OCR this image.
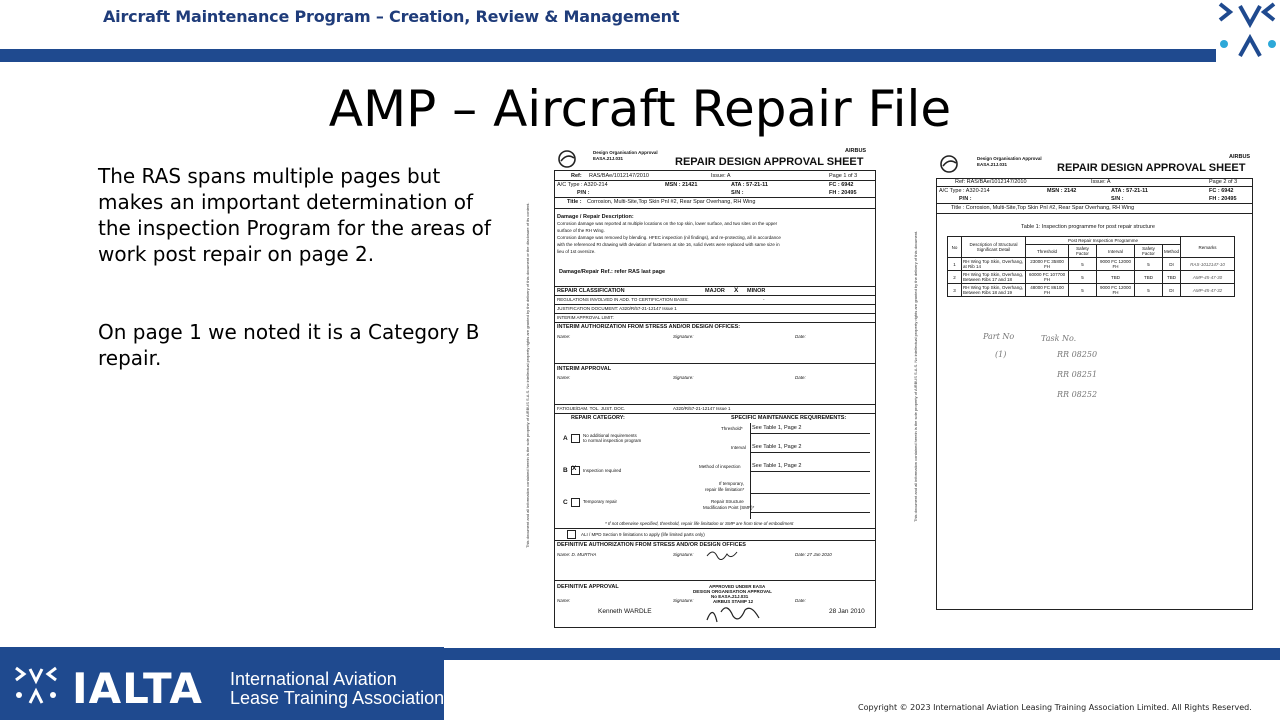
Aircraft Maintenance Program – Creation, Review & Management
AMP – Aircraft Repair File
The RAS spans multiple pages but makes an important determination of the inspection Program for the areas of work post repair on page 2.
On page 1 we noted it is a Category B repair.	This document and all information contained herein is the sole property of AIRBUS S.A.S. No intellectual property rights are granted by the delivery of this document or the disclosure of its content.
Design Organisation Approval
EASA.21J.031
AIRBUS
REPAIR DESIGN APPROVAL SHEET
Ref: RAS/BAe/1012147/2010	Issue: A	Page 1 of 3
A/C Type : A320-214	MSN : 21421	ATA : 57-21-11	FC : 6942
P/N :	S/N :	FH : 20495
Title : Corrosion, Multi-Site,Top Skin Pnl #2, Rear Spar Overhang, RH Wing
Damage / Repair Description:
Corrosion damage was reported at multiple locations on the top skin, lower surface, and two sites on the upper
surface of the RH Wing.
Corrosion damage was removed by blending. HFEC inspection (nil findings), and re-protecting, all in accordance
with the referenced RI drawing with deviation of fasteners at site 16, solid rivets were replaced with same size in
lieu of 1st oversize.
Damage/Repair Ref.: refer RAS last page
REPAIR CLASSIFICATION	MAJOR X MINOR
REGULATIONS INVOLVED IN ADD. TO CERTIFICATION BASIS:	-
JUSTIFICATION DOCUMENT: A320/R/57-21-12147 Issue 1
INTERIM APPROVAL LIMIT:
INTERIM AUTHORIZATION FROM STRESS AND/OR DESIGN OFFICES:
Name:	Signature:	Date:
INTERIM APPROVAL
Name:	Signature:	Date:
FATIGUE/DAM. TOL. JUST. DOC.	A320/R/57-21-12147 Issue 1
REPAIR CATEGORY:	SPECIFIC MAINTENANCE REQUIREMENTS:
A	No additional requirements
to normal inspection program
B X Inspection required
C	Temporary repair
Threshold* See Table 1, Page 2
Interval See Table 1, Page 2
Method of inspection See Table 1, Page 2
If temporary,
repair life limitation*
Repair Structure
Modification Point (SMP)*
* If not otherwise specified, threshold, repair life limitation or SMP are from time of embodiment
ALI / MPD Section 9 limitations to apply (life limited parts only)
DEFINITIVE AUTHORIZATION FROM STRESS AND/OR DESIGN OFFICES
Name: D. MURTHA	Signature:	Date: 27 Jan 2010
DEFINITIVE APPROVAL	APPROVED UNDER EASA
DESIGN ORGANISATION APPROVAL
No EASA.21J.031
AIRBUS STAMP 12
Name:	Signature:	Date:
Kenneth WARDLE	28 Jan 2010
This document and all information contained herein is the sole property of AIRBUS S.A.S. No intellectual property rights are granted by the delivery of this document.
Design Organisation Approval
EASA.21J.031
AIRBUS
REPAIR DESIGN APPROVAL SHEET
Ref: RAS/BAe/1012147/2010	Issue: A	Page 2 of 3
A/C Type : A320-214	MSN : 2142	ATA : 57-21-11	FC : 6942
P/N :	S/N :	FH : 20495
Title : Corrosion, Multi-Site,Top Skin Pnl #2, Rear Spar Overhang, RH Wing
Table 1: Inspection programme for post repair structure
No	Description of Structural Significant Detail	Post Repair Inspection Programme					Remarks
		Threshold	Safety Factor	Interval	Safety Factor	Method	
1	RH Wing Top Skin, Overhang, at Rib 14	23000 FC 35800 FH	5	9000 FC 12000 FH	5	DI	RAS-1012147-10
2	RH Wing Top Skin, Overhang, Between Ribs 17 and 18	60000 FC 107700 FH	5	TBD	TBD	TBD	AMP-45-47-30
3	RH Wing Top Skin, Overhang, Between Ribs 18 and 19	48000 FC 86100 FH	5	9000 FC 12000 FH	5	DI	AMP-45-47-32
Part No	Task No.
(1)	RR 08250
RR 08251
RR 08252
IALTA International Aviation
Lease Training Association	Copyright © 2023 International Aviation Leasing Training Association Limited. All Rights Reserved.
